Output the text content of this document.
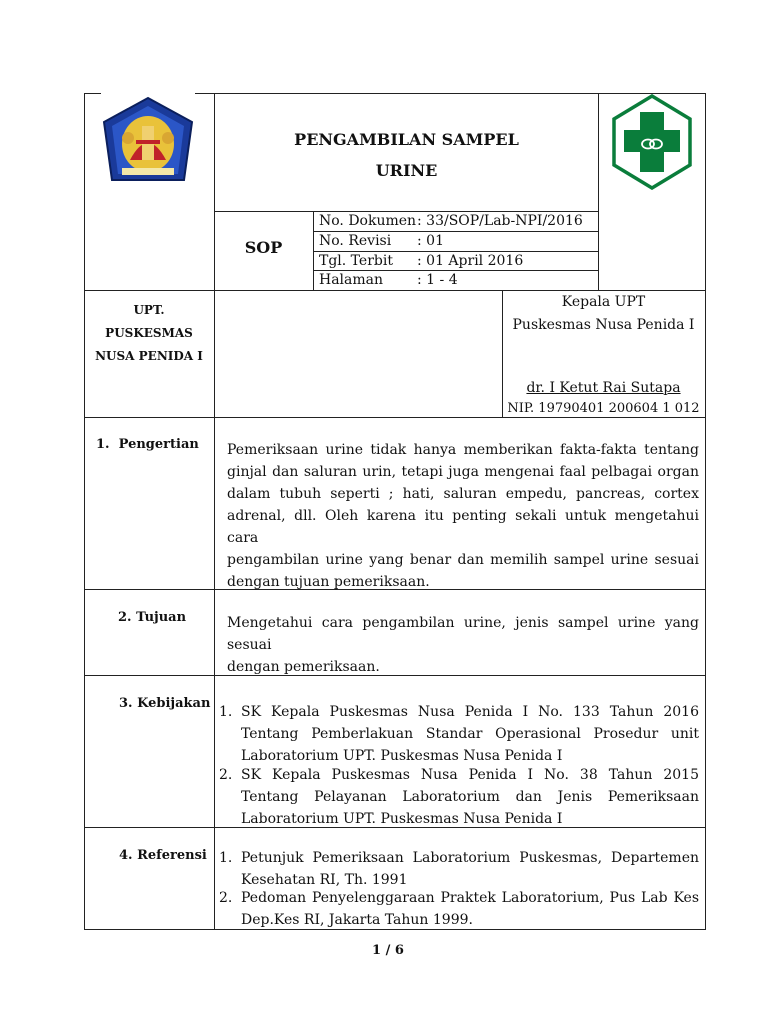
PENGAMBILAN SAMPEL
URINE
SOP
No. Dokumen : 33/SOP/Lab-NPI/2016
No. Revisi : 01
Tgl. Terbit : 01 April 2016
Halaman : 1 - 4
UPT.
PUSKESMAS
NUSA PENIDA I
Kepala UPT
Puskesmas Nusa Penida I
dr. I Ketut Rai Sutapa
NIP. 19790401 200604 1 012
1. Pengertian Pemeriksaan urine tidak hanya memberikan fakta-fakta tentang
ginjal dan saluran urin, tetapi juga mengenai faal pelbagai organ
dalam tubuh seperti ; hati, saluran empedu, pancreas, cortex
adrenal, dll. Oleh karena itu penting sekali untuk mengetahui cara
pengambilan urine yang benar dan memilih sampel urine sesuai
dengan tujuan pemeriksaan.
2. Tujuan	Mengetahui cara pengambilan urine, jenis sampel urine yang sesuai
dengan pemeriksaan.
3. Kebijakan
1. SK Kepala Puskesmas Nusa Penida I No. 133 Tahun 2016
Tentang Pemberlakuan Standar Operasional Prosedur unit
Laboratorium UPT. Puskesmas Nusa Penida I
2. SK Kepala Puskesmas Nusa Penida I No. 38 Tahun 2015
Tentang Pelayanan Laboratorium dan Jenis Pemeriksaan
Laboratorium UPT. Puskesmas Nusa Penida I
4. Referensi 1. Petunjuk Pemeriksaan Laboratorium Puskesmas, Departemen
Kesehatan RI, Th. 1991
2. Pedoman Penyelenggaraan Praktek Laboratorium, Pus Lab Kes
Dep.Kes RI, Jakarta Tahun 1999.
1 / 6
